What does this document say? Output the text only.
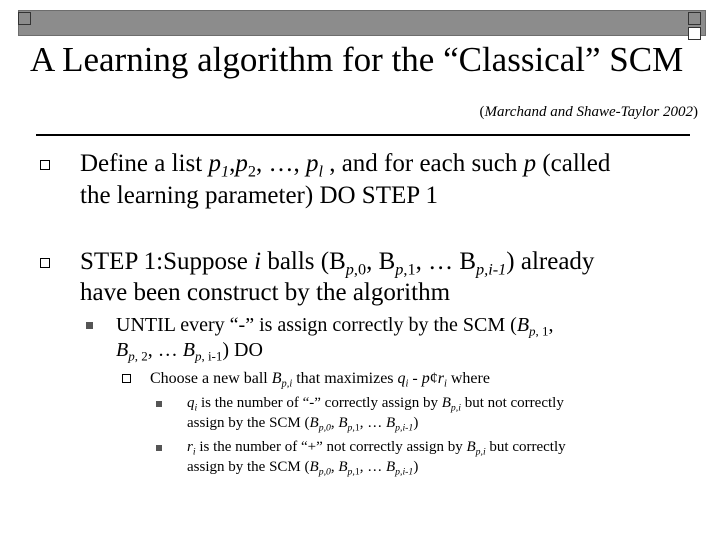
A Learning algorithm for the “Classical” SCM
(Marchand and Shawe-Taylor 2002)
Define a list $p_1,p_2$, …, $p_l$ , and for each such p (called
the learning parameter) DO STEP 1
STEP 1:Suppose i balls ($B_{p,0}$, $B_{p,1}$, … $B_{p,i-1}$) already
have been construct by the algorithm
UNTIL every “-” is assign correctly by the SCM ($B_{p, 1}$,
$B_{p, 2}$, … $B_{p, i-1}$) DO
Choose a new ball $B_{p,i}$ that maximizes $q_i$ - $p¢r_i$ where
$q_i$ is the number of “-” correctly assign by $B_{p,i}$ but not correctly
assign by the SCM ($B_{p,0}$, $B_{p,1}$, … $B_{p,i-1}$)
$r_i$ is the number of “+” not correctly assign by $B_{p,i}$ but correctly
assign by the SCM ($B_{p,0}$, $B_{p,1}$, … $B_{p,i-1}$)
